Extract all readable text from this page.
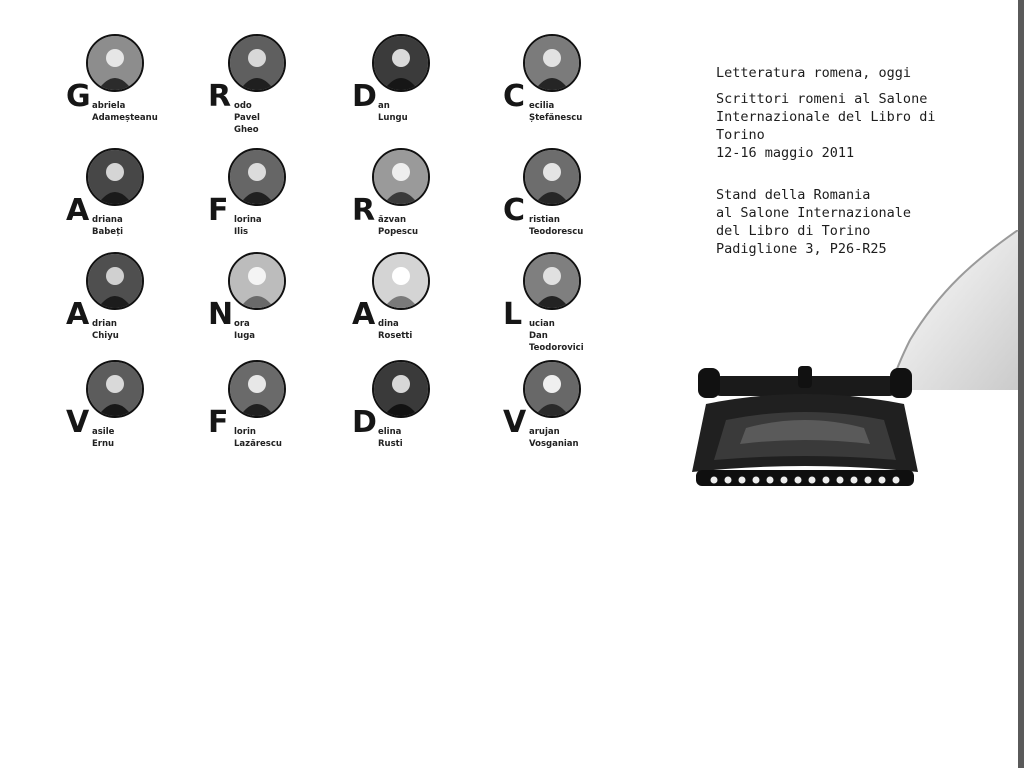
G abriela
Adameșteanu
R odo
Pavel
Gheo
D an
Lungu
C ecilia
Ștefănescu
A driana
Babeți
F lorina
Ilis
R ăzvan
Popescu
C ristian
Teodorescu
A drian
Chiyu
N ora
Iuga
A dina
Rosetti
L ucian
Dan
Teodorovici
V asile
Ernu
F lorin
Lazărescu
D elina
Rusti
V arujan
Vosganian
Letteratura romena, oggi
Scrittori romeni al Salone
Internazionale del Libro di
Torino
12-16 maggio 2011
Stand della Romania
al Salone Internazionale
del Libro di Torino
Padiglione 3, P26-R25
